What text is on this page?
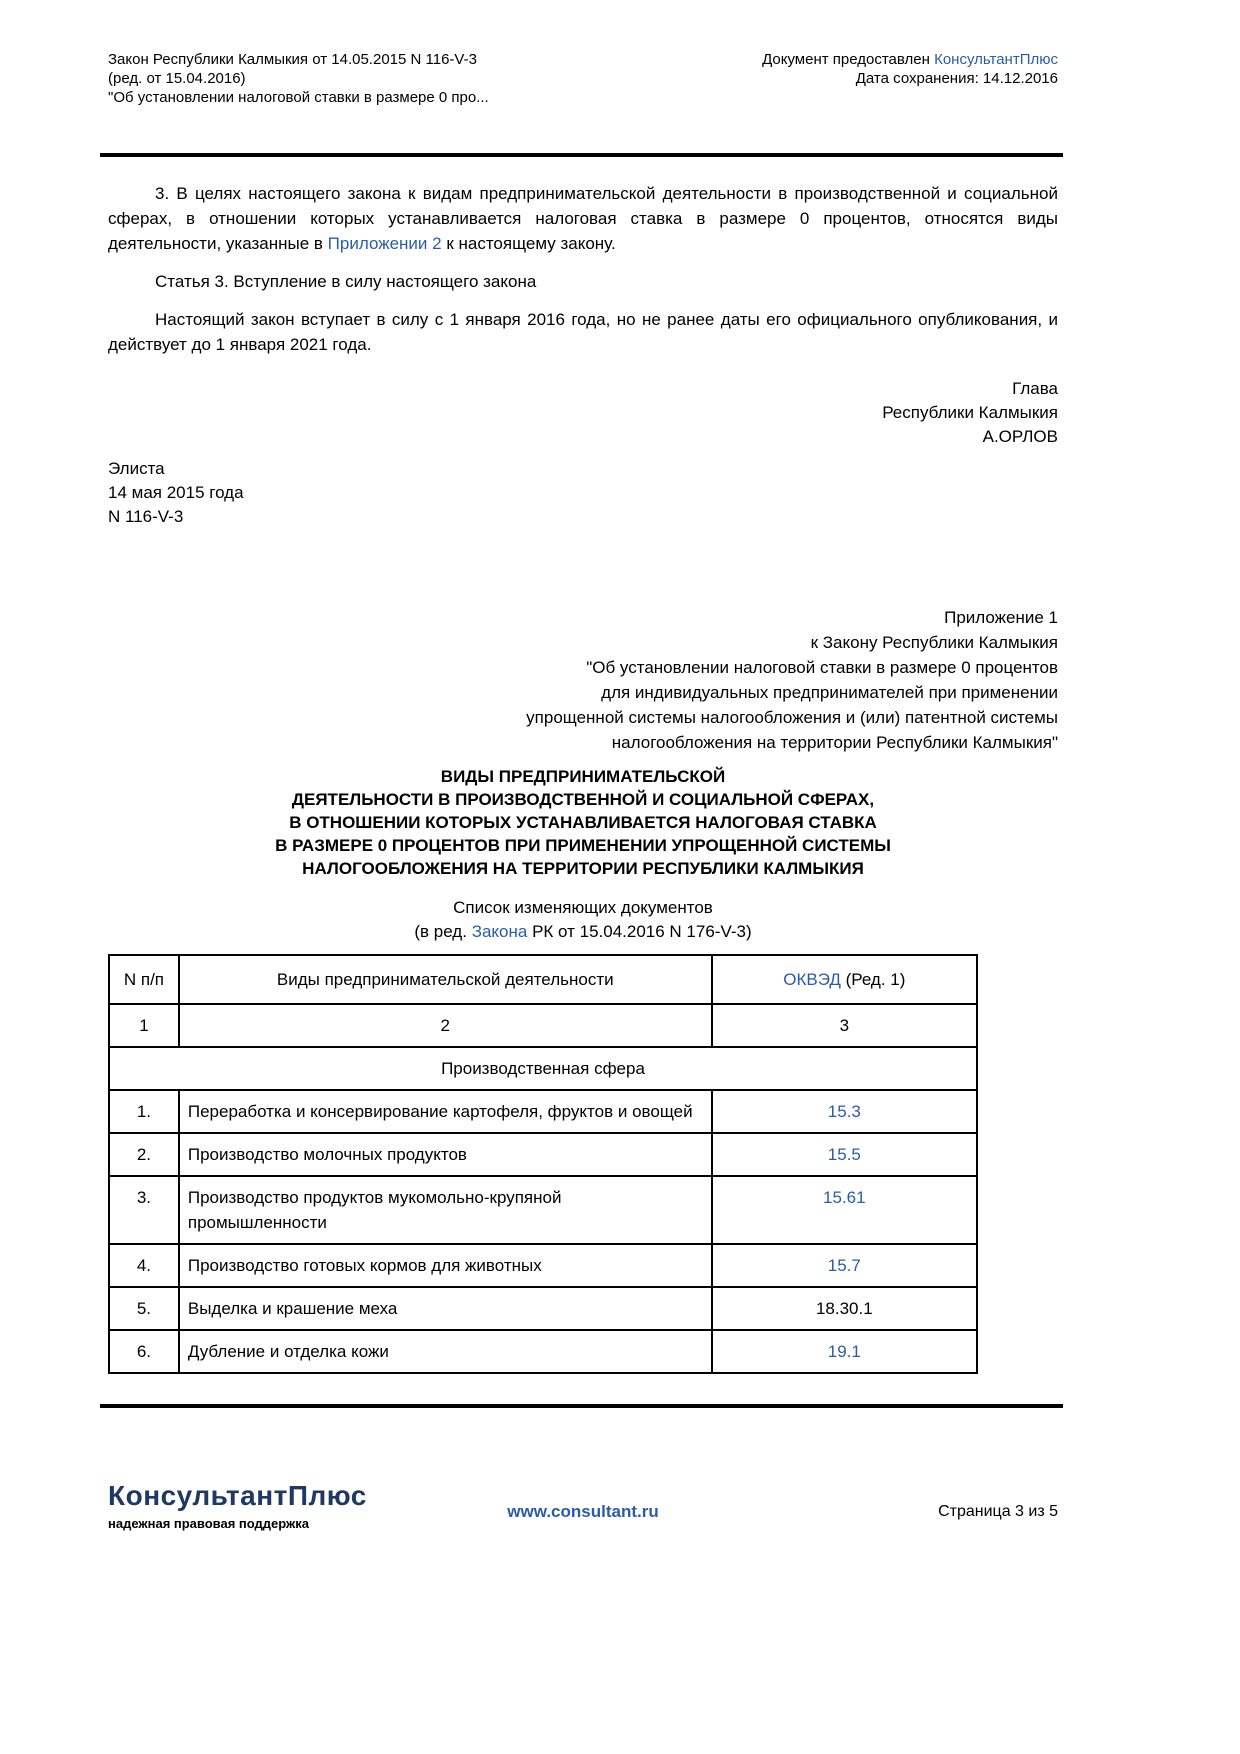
Закон Республики Калмыкия от 14.05.2015 N 116-V-3
(ред. от 15.04.2016)
"Об установлении налоговой ставки в размере 0 про...
Документ предоставлен КонсультантПлюс
Дата сохранения: 14.12.2016

3. В целях настоящего закона к видам предпринимательской деятельности в производственной и социальной сферах, в отношении которых устанавливается налоговая ставка в размере 0 процентов, относятся виды деятельности, указанные в Приложении 2 к настоящему закону.

Статья 3. Вступление в силу настоящего закона

Настоящий закон вступает в силу с 1 января 2016 года, но не ранее даты его официального опубликования, и действует до 1 января 2021 года.

Глава
Республики Калмыкия
А.ОРЛОВ
Элиста
14 мая 2015 года
N 116-V-3
Приложение 1
к Закону Республики Калмыкия
"Об установлении налоговой ставки в размере 0 процентов
для индивидуальных предпринимателей при применении
упрощенной системы налогообложения и (или) патентной системы
налогообложения на территории Республики Калмыкия"
ВИДЫ ПРЕДПРИНИМАТЕЛЬСКОЙ
ДЕЯТЕЛЬНОСТИ В ПРОИЗВОДСТВЕННОЙ И СОЦИАЛЬНОЙ СФЕРАХ,
В ОТНОШЕНИИ КОТОРЫХ УСТАНАВЛИВАЕТСЯ НАЛОГОВАЯ СТАВКА
В РАЗМЕРЕ 0 ПРОЦЕНТОВ ПРИ ПРИМЕНЕНИИ УПРОЩЕННОЙ СИСТЕМЫ
НАЛОГООБЛОЖЕНИЯ НА ТЕРРИТОРИИ РЕСПУБЛИКИ КАЛМЫКИЯ
Список изменяющих документов
(в ред. Закона РК от 15.04.2016 N 176-V-3)
N п/п	Виды предпринимательской деятельности	ОКВЭД (Ред. 1)
1	2	3
Производственная сфера		
1.	Переработка и консервирование картофеля, фруктов и овощей	15.3
2.	Производство молочных продуктов	15.5
3.	Производство продуктов мукомольно-крупяной промышленности	15.61
4.	Производство готовых кормов для животных	15.7
5.	Выделка и крашение меха	18.30.1
6.	Дубление и отделка кожи	19.1
КонсультантПлюс
надежная правовая поддержка
www.consultant.ru	Страница 3 из 5
